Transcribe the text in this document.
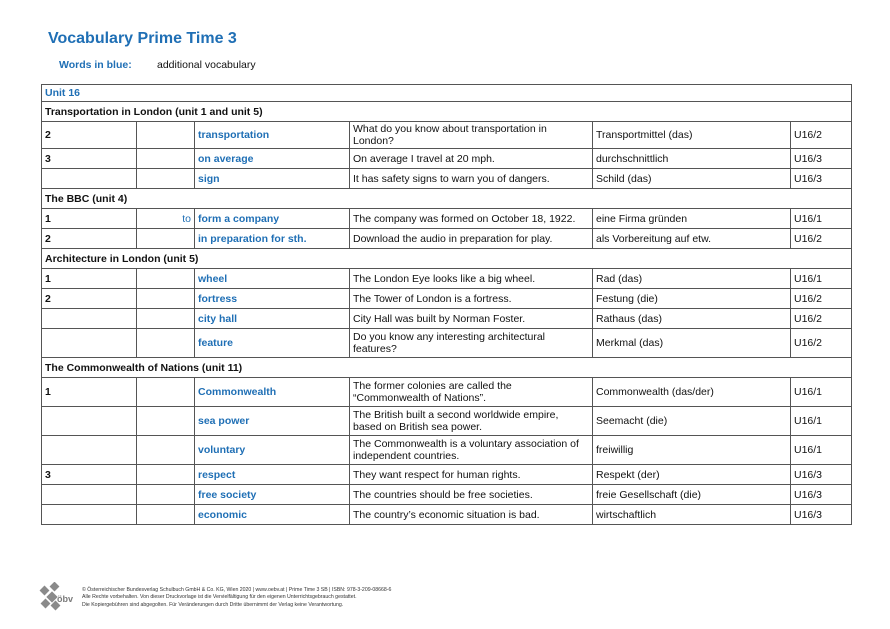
Vocabulary Prime Time 3
Words in blue: additional vocabulary
Unit 16					
Transportation in London (unit 1 and unit 5)					
2		transportation	What do you know about transportation in London?	Transportmittel (das)	U16/2
3		on average	On average I travel at 20 mph.	durchschnittlich	U16/3
		sign	It has safety signs to warn you of dangers.	Schild (das)	U16/3
The BBC (unit 4)					
1	to	form a company	The company was formed on October 18, 1922.	eine Firma gründen	U16/1
2		in preparation for sth.	Download the audio in preparation for play.	als Vorbereitung auf etw.	U16/2
Architecture in London (unit 5)					
1		wheel	The London Eye looks like a big wheel.	Rad (das)	U16/1
2		fortress	The Tower of London is a fortress.	Festung (die)	U16/2
		city hall	City Hall was built by Norman Foster.	Rathaus (das)	U16/2
		feature	Do you know any interesting architectural features?	Merkmal (das)	U16/2
The Commonwealth of Nations (unit 11)					
1		Commonwealth	The former colonies are called the “Commonwealth of Nations”.	Commonwealth (das/der)	U16/1
		sea power	The British built a second worldwide empire, based on British sea power.	Seemacht (die)	U16/1
		voluntary	The Commonwealth is a voluntary association of independent countries.	freiwillig	U16/1
3		respect	They want respect for human rights.	Respekt (der)	U16/3
		free society	The countries should be free societies.	freie Gesellschaft (die)	U16/3
		economic	The country’s economic situation is bad.	wirtschaftlich	U16/3
öbv
© Österreichischer Bundesverlag Schulbuch GmbH & Co. KG, Wien 2020 | www.oebv.at | Prime Time 3 SB | ISBN: 978-3-209-08668-6
Alle Rechte vorbehalten. Von dieser Druckvorlage ist die Vervielfältigung für den eigenen Unterrichtsgebrauch gestattet.
Die Kopiergebühren sind abgegolten. Für Veränderungen durch Dritte übernimmt der Verlag keine Verantwortung.
